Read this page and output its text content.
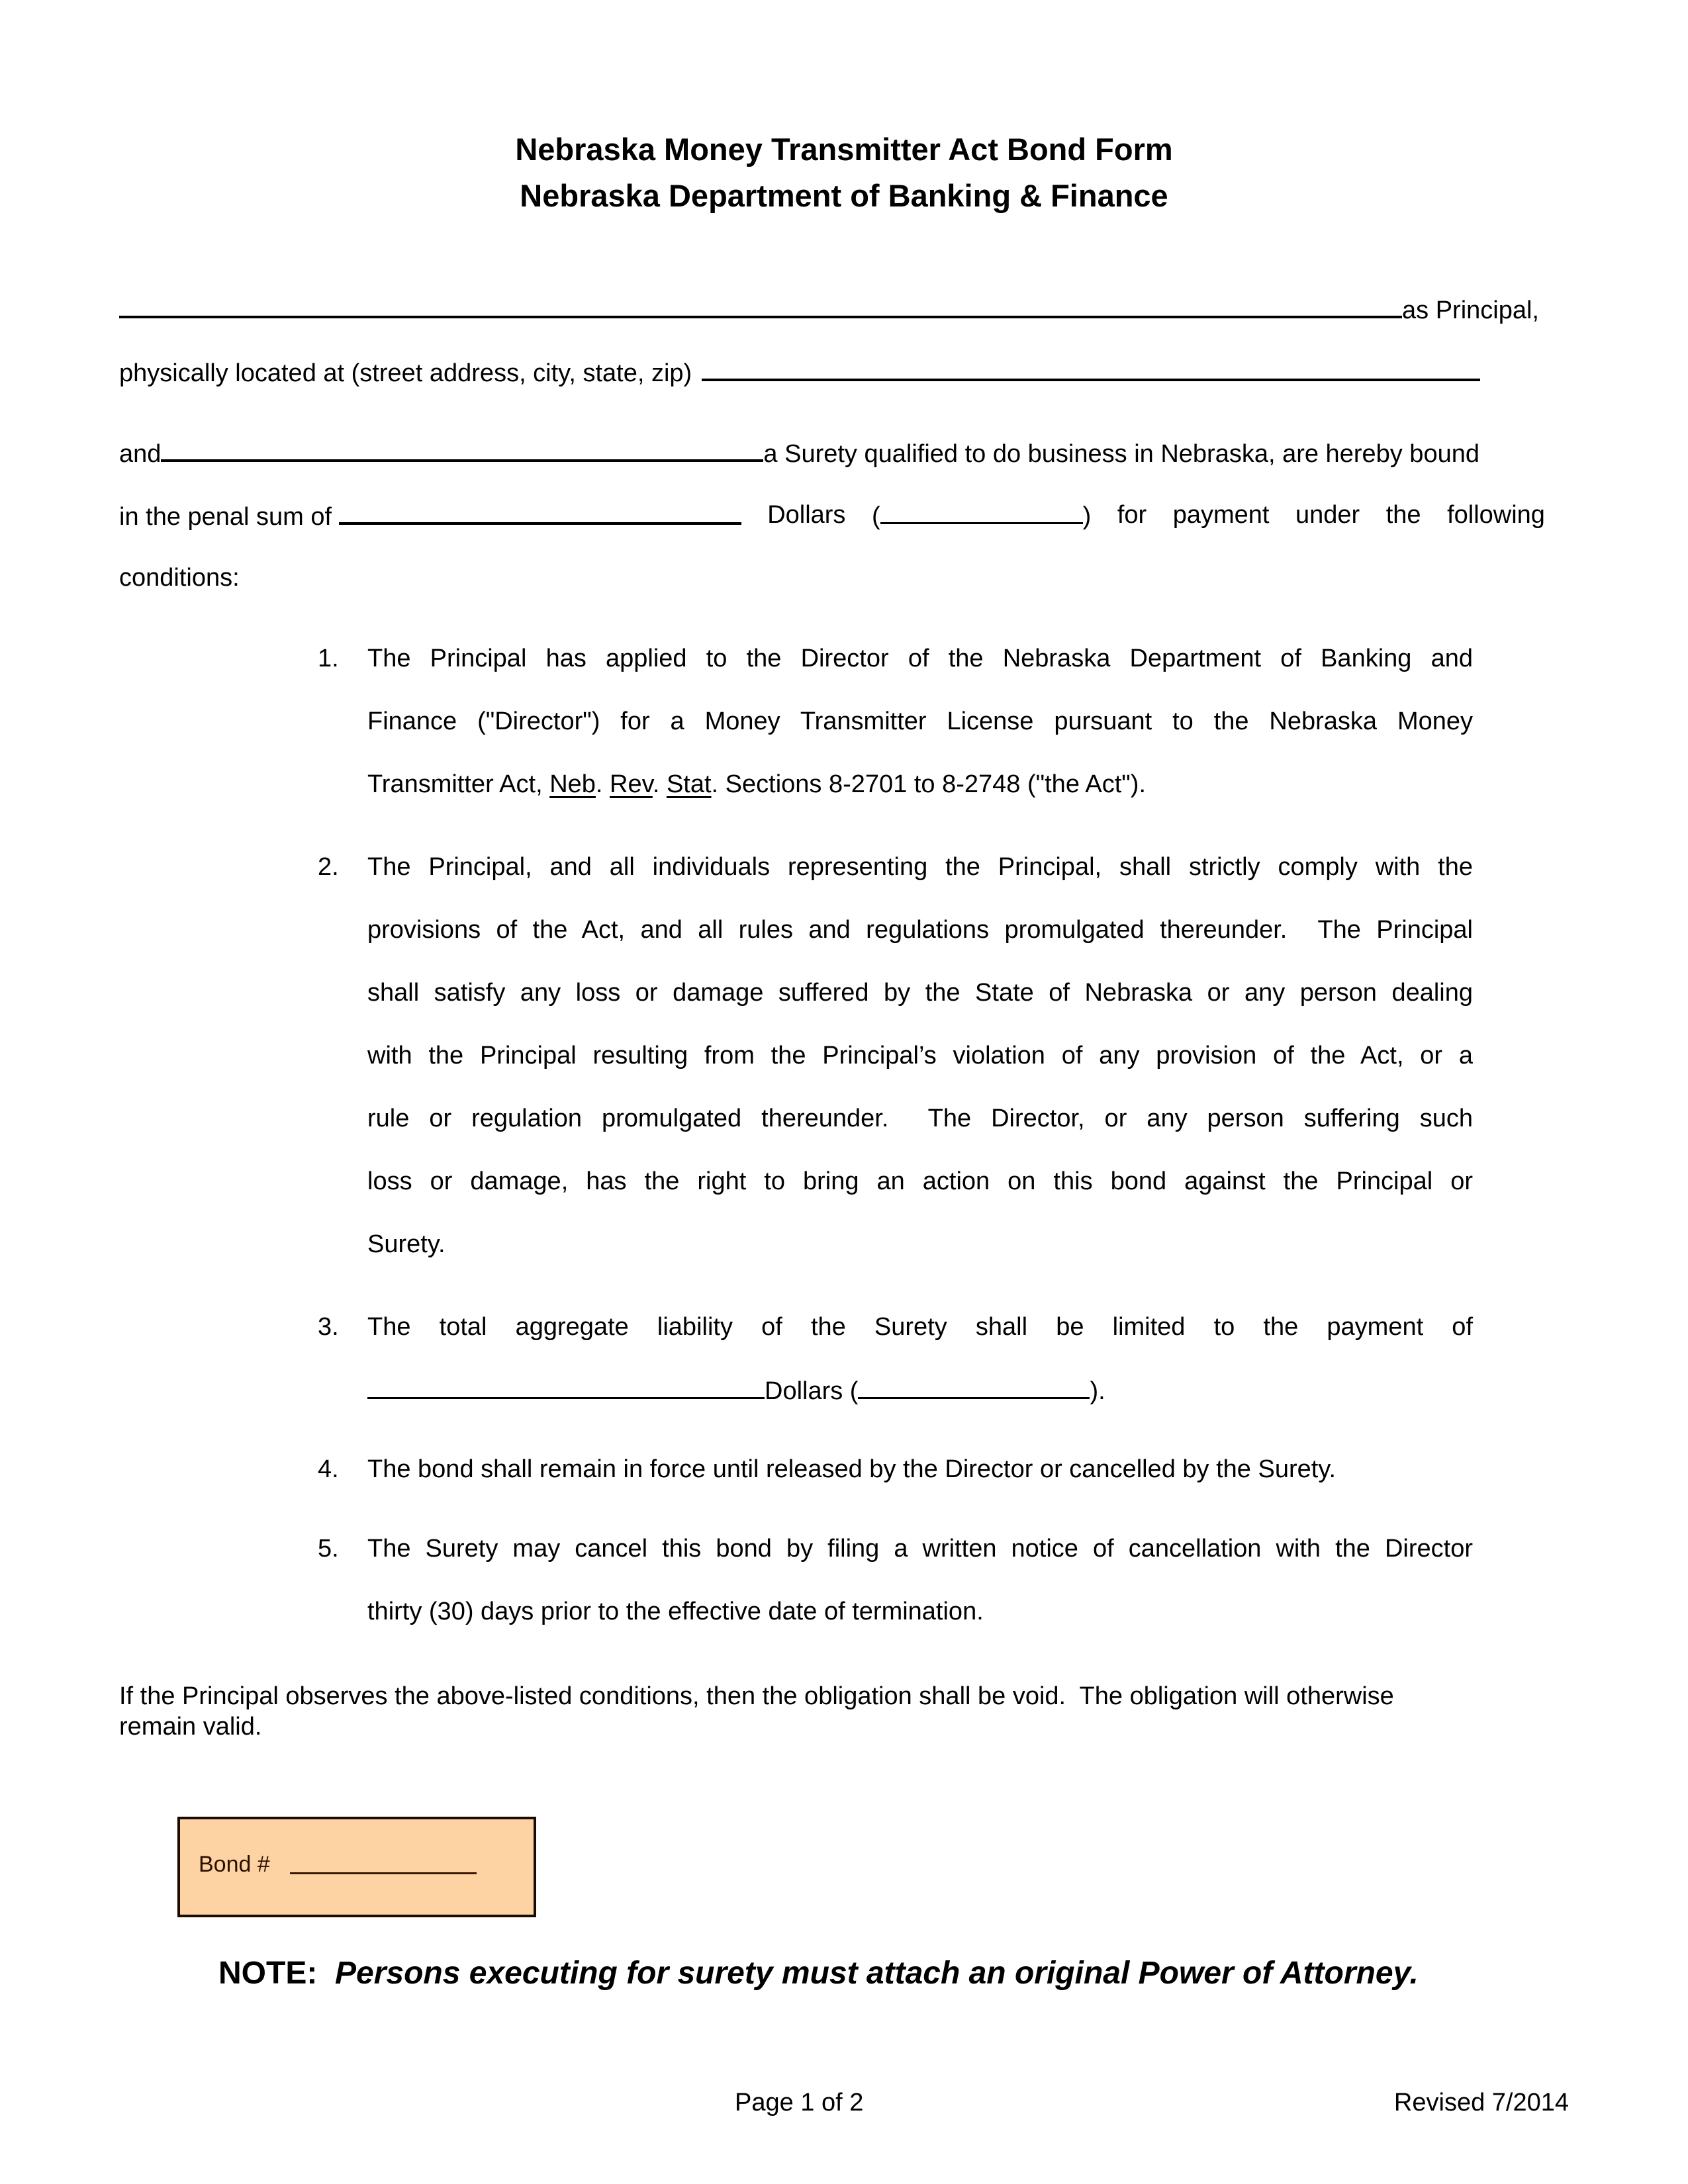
Nebraska Money Transmitter Act Bond Form
Nebraska Department of Banking & Finance
as Principal,
physically located at (street address, city, state, zip)
and	a Surety qualified to do business in Nebraska, are hereby bound
in the penal sum of	Dollars (	) for payment under the following
conditions:
1. The Principal has applied to the Director of the Nebraska Department of Banking and
Finance ("Director") for a Money Transmitter License pursuant to the Nebraska Money
Transmitter Act, Neb. Rev. Stat. Sections 8-2701 to 8-2748 ("the Act").
2. The Principal, and all individuals representing the Principal, shall strictly comply with the
provisions of the Act, and all rules and regulations promulgated thereunder.  The Principal
shall satisfy any loss or damage suffered by the State of Nebraska or any person dealing
with the Principal resulting from the Principal’s violation of any provision of the Act, or a
rule or regulation promulgated thereunder.  The Director, or any person suffering such
loss or damage, has the right to bring an action on this bond against the Principal or
Surety.
3. The total aggregate liability of the Surety shall be limited to the payment of
Dollars (	).
4. The bond shall remain in force until released by the Director or cancelled by the Surety.
5. The Surety may cancel this bond by filing a written notice of cancellation with the Director
thirty (30) days prior to the effective date of termination.
If the Principal observes the above-listed conditions, then the obligation shall be void.  The obligation will otherwise
remain valid.
Bond #
NOTE: Persons executing for surety must attach an original Power of Attorney.
Page 1 of 2	Revised 7/2014
